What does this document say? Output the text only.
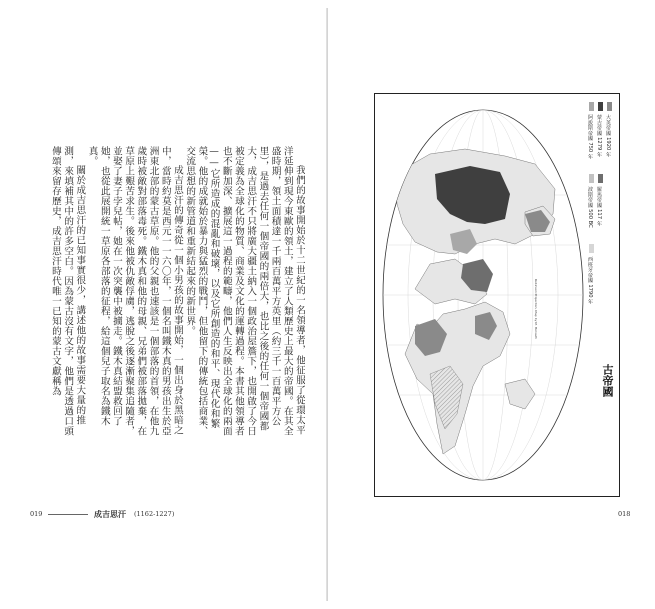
我們的故事開始於十二世紀的一名領導者，他征服了從環太平洋延伸到現今東歐的領土，建立了人類歷史上最大的帝國。在其全盛時期，領土面積達一千兩百萬平方英里（約三千一百萬平方公里），是過去任何一個帝國的兩倍大，也比之後的任何一個帝國都大，成吉思汗不只將廣大疆土納入一個政治屋簷下，也開啟了今日被定義為全球化的物質、商業及文化的運轉過程。本書其他領導者也不斷加深、擴展這一過程的範疇，他們人生反映出全球化的兩面——它所造成的混亂和破壞，以及它所創造的和平、現代化和繁榮。他的成就始於暴力與猛烈的戰鬥，但他留下的傳統包括商業、交流思想的新管道和重新結起來的新世界。

成吉思汗的傳奇從一個小男孩的故事開始，一個出身於黑暗之中，當時約莫是西元一一六〇年，一個名叫鐵木真的男孩出生於亞洲東北部的蒙古草原。他的父親也速該是一個部落的首領，在他九歲時被敵對部落毒死。鐵木真和他的母親、兄弟們被部落拋棄，在草原上艱苦求生。後來他被仇敵俘虜，逃脫之後逐漸聚集追隨者，並娶了妻子孛兒帖，她在一次突襲中被擄走。鐵木真結盟救回了她，也從此展開統一草原各部落的征程，給這個兒子取名為鐵木真。

關於成吉思汗的已知事實很少，講述他的故事需要大量的推測，來填補其中的許多空白。因為蒙古沒有文字，他們是透過口頭傳頌來留存歷史，成吉思汗時代唯一已知的蒙古文獻稱為

019	成吉思汗 (1162-1227)
Robinson Projection, Map by M. Horvath
古帝國
大英帝國 1920 年
蒙古帝國 1279 年
羅馬帝國 117 年
阿拔斯帝國 750 年
波斯帝國 500 BC
西班牙帝國 1790 年
018
